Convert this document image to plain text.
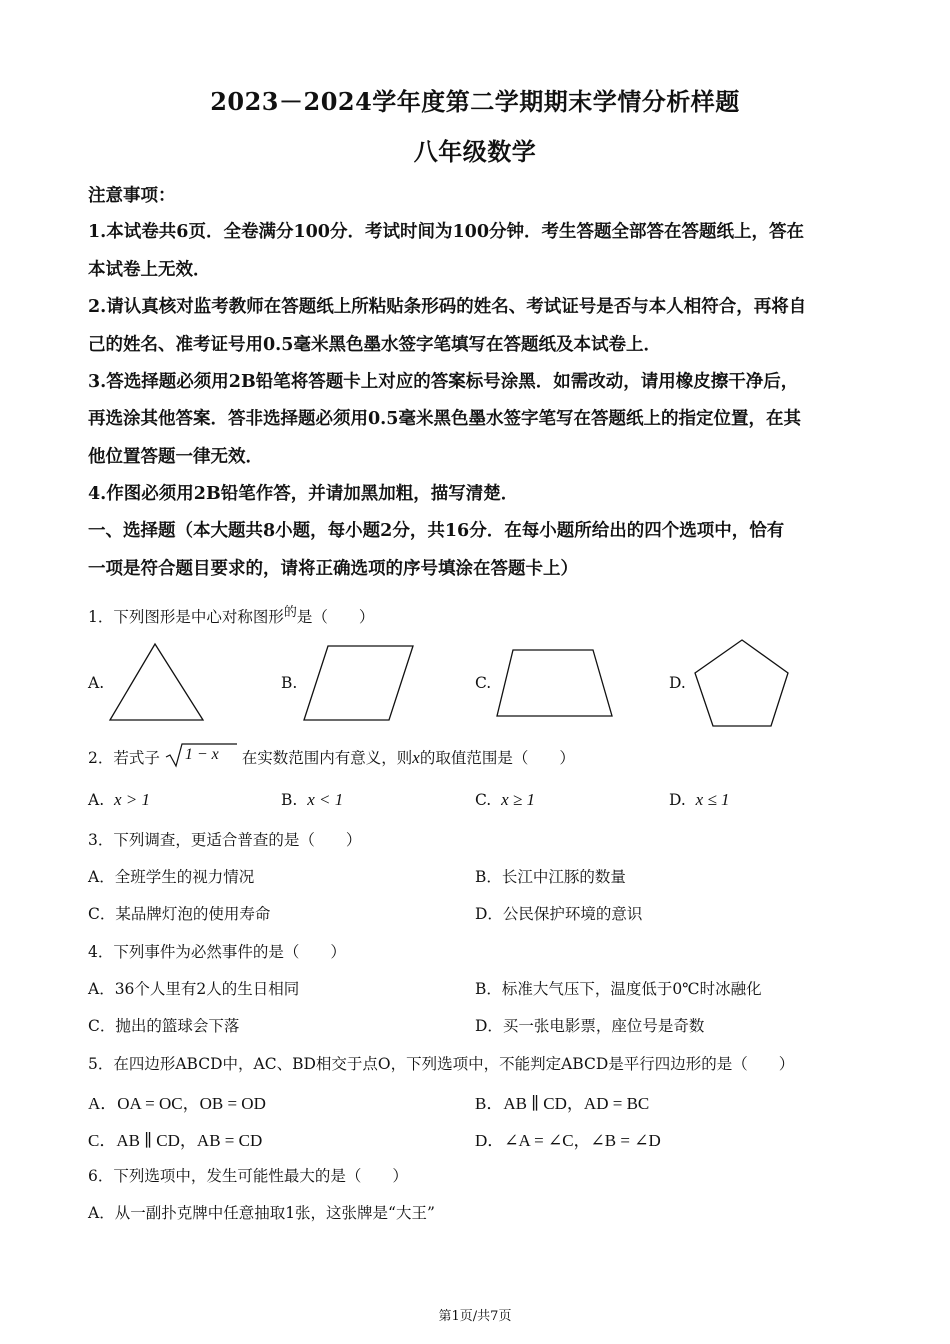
2023－2024学年度第二学期期末学情分析样题
八年级数学
注意事项：
1.本试卷共6页．全卷满分100分．考试时间为100分钟．考生答题全部答在答题纸上，答在
本试卷上无效．
2.请认真核对监考教师在答题纸上所粘贴条形码的姓名、考试证号是否与本人相符合，再将自
己的姓名、准考证号用0.5毫米黑色墨水签字笔填写在答题纸及本试卷上．
3.答选择题必须用2B铅笔将答题卡上对应的答案标号涂黑．如需改动，请用橡皮擦干净后，
再选涂其他答案．答非选择题必须用0.5毫米黑色墨水签字笔写在答题纸上的指定位置，在其
他位置答题一律无效．
4.作图必须用2B铅笔作答，并请加黑加粗，描写清楚．
一、选择题（本大题共8小题，每小题2分，共16分．在每小题所给出的四个选项中，恰有
一项是符合题目要求的，请将正确选项的序号填涂在答题卡上）
1．下列图形是中心对称图形$^的$是（　　）
A.	B.	C.	D.
2．若式子 1 − x 在实数范围内有意义，则x的取值范围是（　　）
A. x > 1	B. x < 1	C. x ≥ 1	D. x ≤ 1
3．下列调查，更适合普查的是（　　）
A．全班学生的视力情况	B．长江中江豚的数量
C．某品牌灯泡的使用寿命	D．公民保护环境的意识
4．下列事件为必然事件的是（　　）
A．36个人里有2人的生日相同	B．标准大气压下，温度低于0℃时冰融化
C．抛出的篮球会下落	D．买一张电影票，座位号是奇数
5．在四边形ABCD中，AC、BD相交于点O，下列选项中，不能判定ABCD是平行四边形的是（　　）
A．OA = OC，OB = OD	B．AB ∥ CD，AD = BC
C．AB ∥ CD，AB = CD	D．∠A = ∠C，∠B = ∠D
6．下列选项中，发生可能性最大的是（　　）
A．从一副扑克牌中任意抽取1张，这张牌是“大王”
第1页/共7页
